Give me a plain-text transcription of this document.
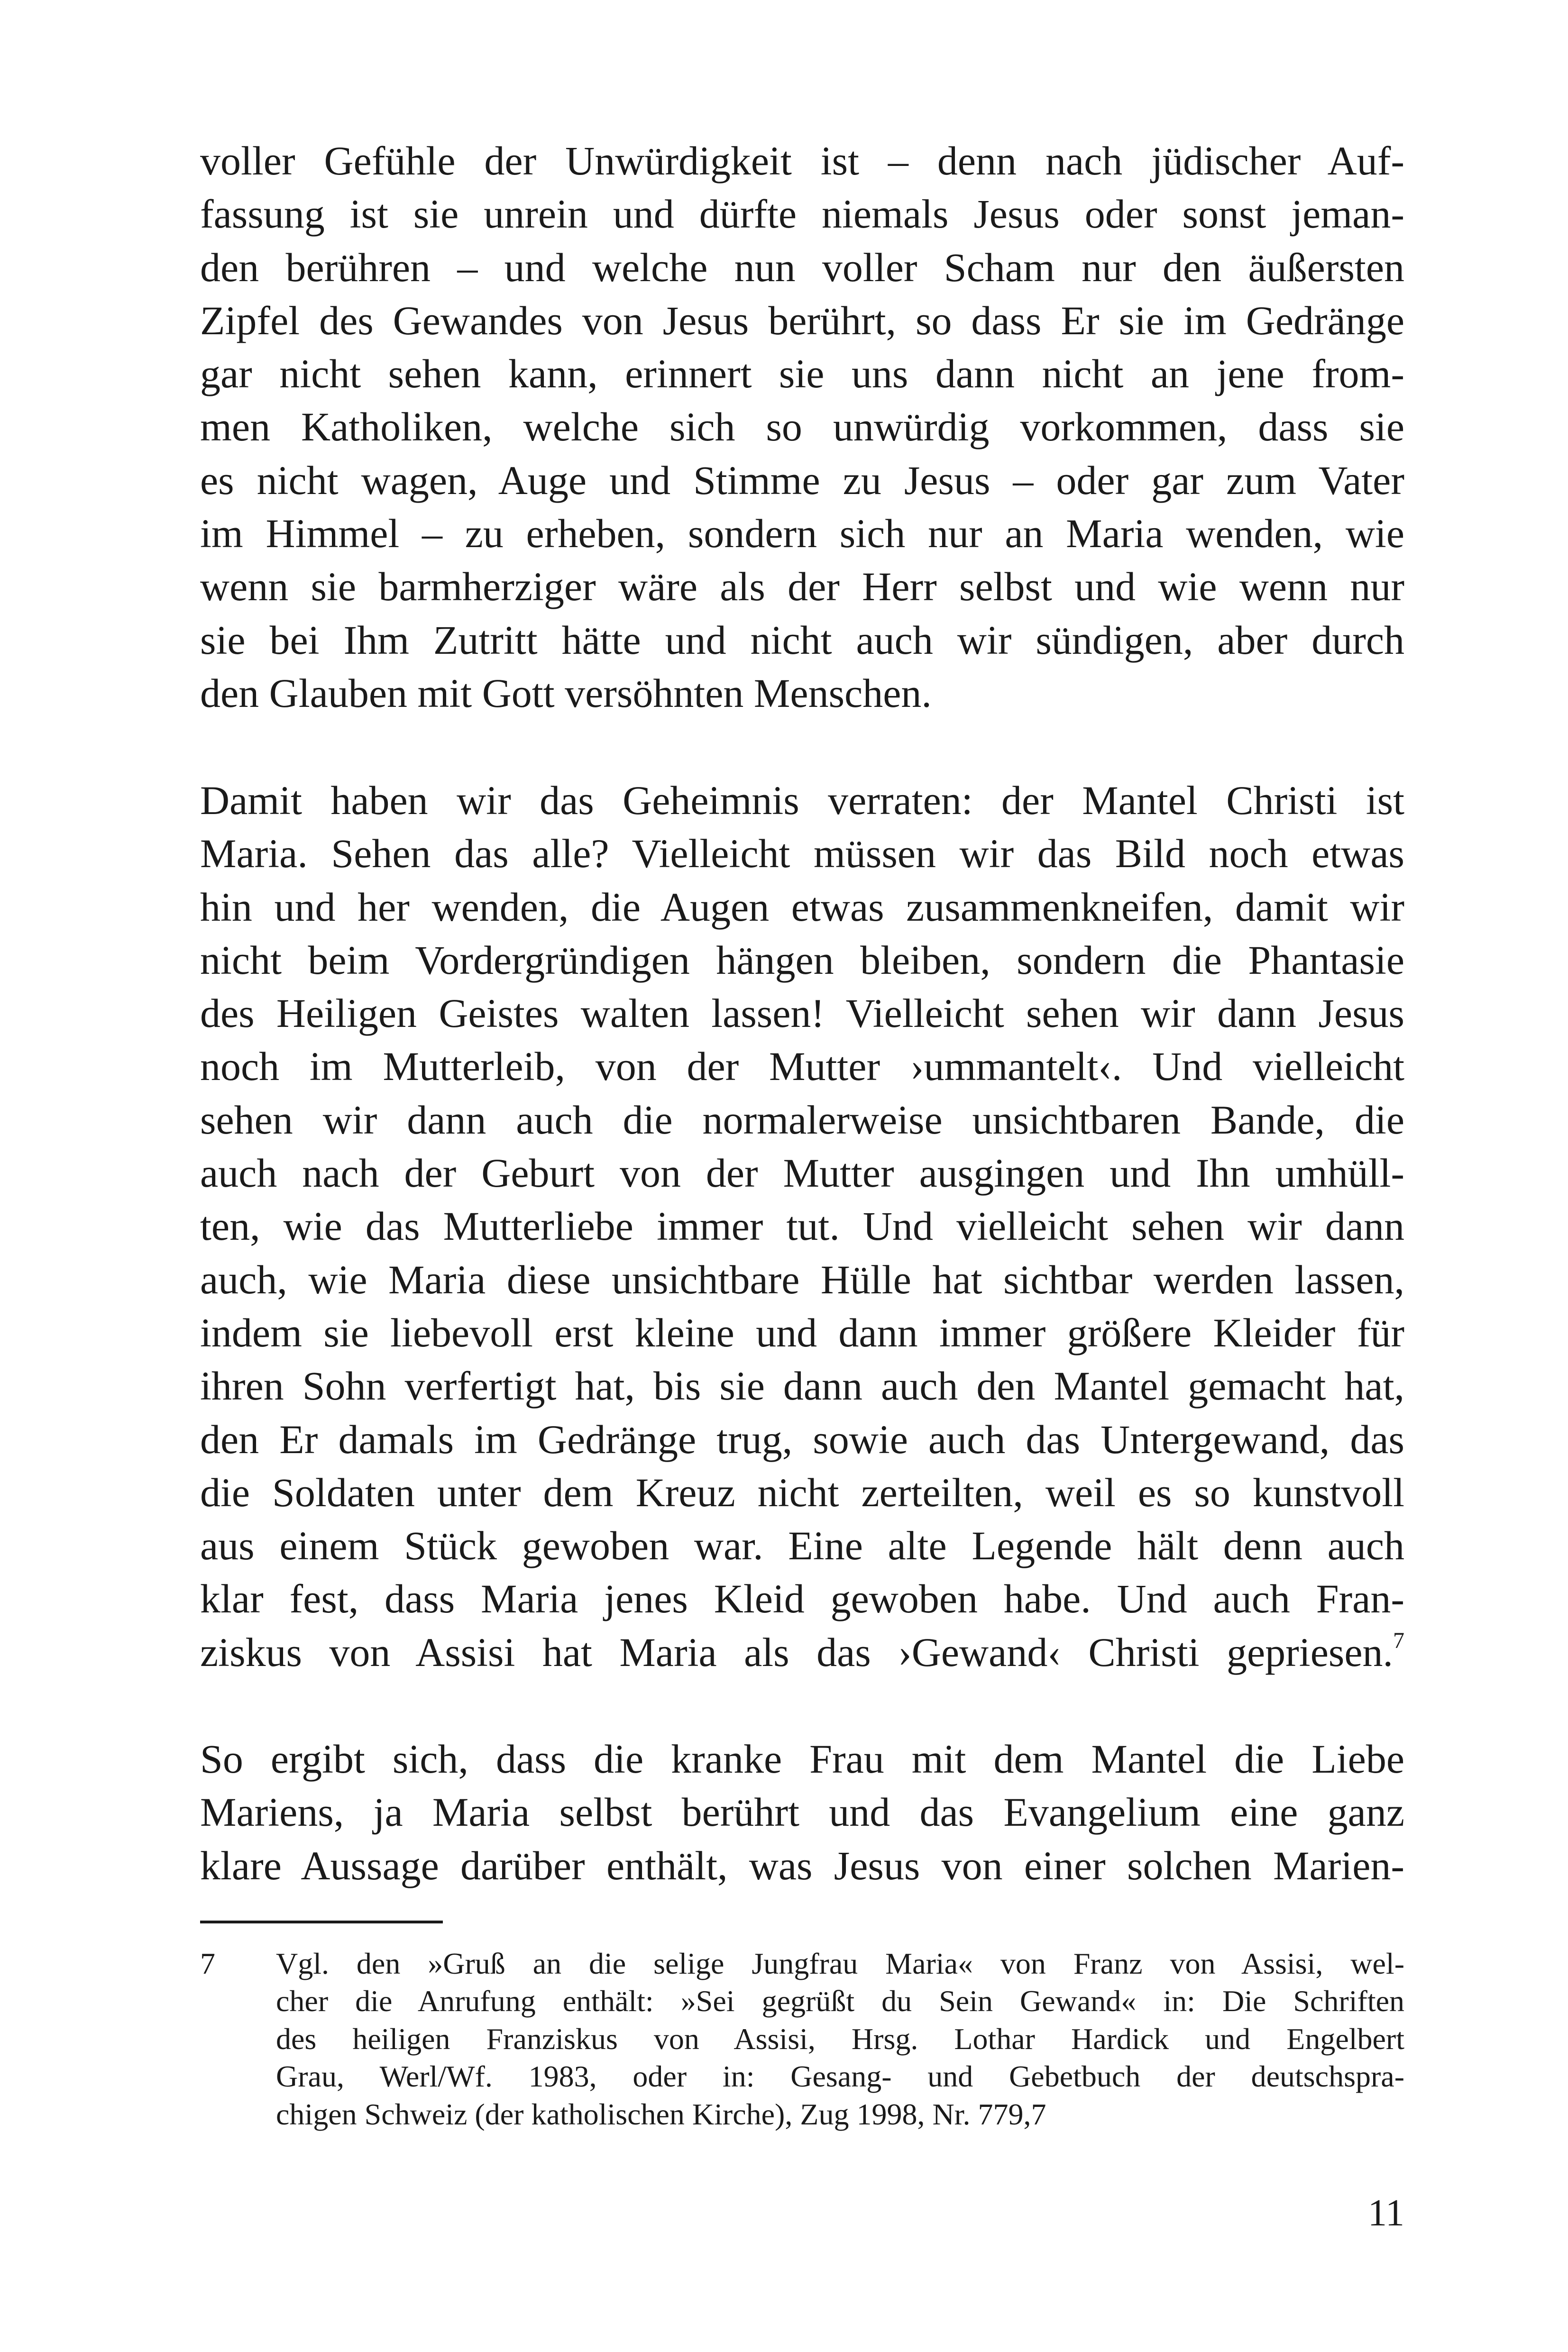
voller Gefühle der Unwürdigkeit ist – denn nach jüdischer Auf-
fassung ist sie unrein und dürfte niemals Jesus oder sonst jeman-
den berühren – und welche nun voller Scham nur den äußersten
Zipfel des Gewandes von Jesus berührt, so dass Er sie im Gedränge
gar nicht sehen kann, erinnert sie uns dann nicht an jene from-
men Katholiken, welche sich so unwürdig vorkommen, dass sie
es nicht wagen, Auge und Stimme zu Jesus – oder gar zum Vater
im Himmel – zu erheben, sondern sich nur an Maria wenden, wie
wenn sie barmherziger wäre als der Herr selbst und wie wenn nur
sie bei Ihm Zutritt hätte und nicht auch wir sündigen, aber durch
den Glauben mit Gott versöhnten Menschen.
Damit haben wir das Geheimnis verraten: der Mantel Christi ist
Maria. Sehen das alle? Vielleicht müssen wir das Bild noch etwas
hin und her wenden, die Augen etwas zusammenkneifen, damit wir
nicht beim Vordergründigen hängen bleiben, sondern die Phantasie
des Heiligen Geistes walten lassen! Vielleicht sehen wir dann Jesus
noch im Mutterleib, von der Mutter ›ummantelt‹. Und vielleicht
sehen wir dann auch die normalerweise unsichtbaren Bande, die
auch nach der Geburt von der Mutter ausgingen und Ihn umhüll-
ten, wie das Mutterliebe immer tut. Und vielleicht sehen wir dann
auch, wie Maria diese unsichtbare Hülle hat sichtbar werden lassen,
indem sie liebevoll erst kleine und dann immer größere Kleider für
ihren Sohn verfertigt hat, bis sie dann auch den Mantel gemacht hat,
den Er damals im Gedränge trug, sowie auch das Untergewand, das
die Soldaten unter dem Kreuz nicht zerteilten, weil es so kunstvoll
aus einem Stück gewoben war. Eine alte Legende hält denn auch
klar fest, dass Maria jenes Kleid gewoben habe. Und auch Fran-
ziskus von Assisi hat Maria als das ›Gewand‹ Christi gepriesen.$^7$
So ergibt sich, dass die kranke Frau mit dem Mantel die Liebe
Mariens, ja Maria selbst berührt und das Evangelium eine ganz
klare Aussage darüber enthält, was Jesus von einer solchen Marien-
7 Vgl. den »Gruß an die selige Jungfrau Maria« von Franz von Assisi, wel-
cher die Anrufung enthält: »Sei gegrüßt du Sein Gewand« in: Die Schriften
des heiligen Franziskus von Assisi, Hrsg. Lothar Hardick und Engelbert
Grau, Werl/Wf. 1983, oder in: Gesang- und Gebetbuch der deutschspra-
chigen Schweiz (der katholischen Kirche), Zug 1998, Nr. 779,7
11
